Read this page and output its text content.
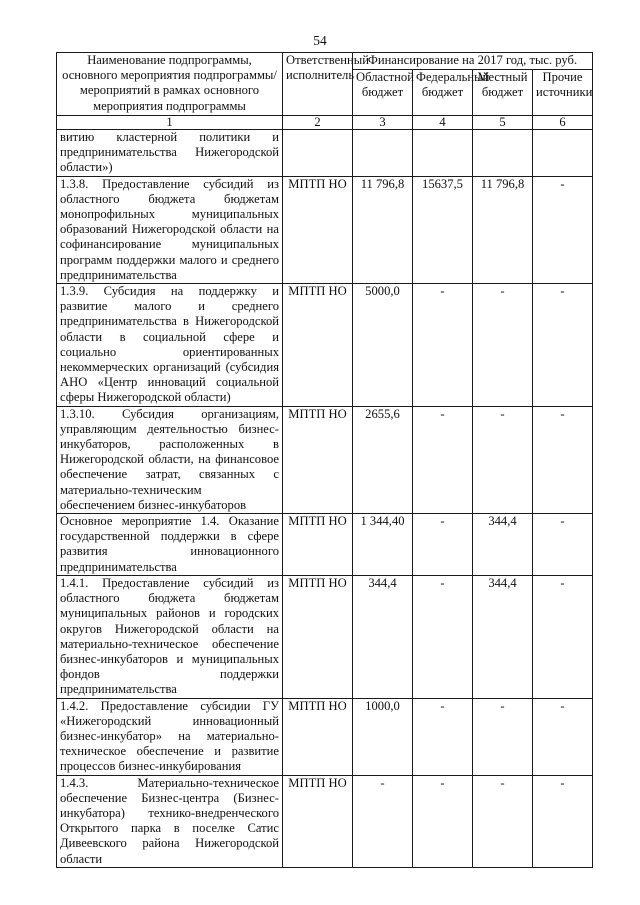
54
Наименование подпрограммы, основного мероприятия подпрограммы/мероприятий в рамках основного мероприятия подпрограммы	Ответственный исполнитель	Финансирование на 2017 год, тыс. руб.			
		Областной бюджет	Федеральный бюджет	Местный бюджет	Прочие источники
1	2	3	4	5	6
витию кластерной политики и предпринимательства Нижегородской области»)					
1.3.8. Предоставление субсидий из областного бюджета бюджетам монопрофильных муниципальных образований Нижегородской области на софинансирование муниципальных программ поддержки малого и среднего предпринимательства	МПТП НО	11 796,8	15637,5	11 796,8	-
1.3.9. Субсидия на поддержку и развитие малого и среднего предпринимательства в Нижегородской области в социальной сфере и социально ориентированных некоммерческих организаций (субсидия АНО «Центр инноваций социальной сферы Нижегородской области)	МПТП НО	5000,0	-	-	-
1.3.10. Субсидия организациям, управляющим деятельностью бизнес-инкубаторов, расположенных в Нижегородской области, на финансовое обеспечение затрат, связанных с материально-техническим обеспечением бизнес-инкубаторов	МПТП НО	2655,6	-	-	-
Основное мероприятие 1.4. Оказание государственной поддержки в сфере развития инновационного предпринимательства	МПТП НО	1 344,40	-	344,4	-
1.4.1. Предоставление субсидий из областного бюджета бюджетам муниципальных районов и городских округов Нижегородской области на материально-техническое обеспечение бизнес-инкубаторов и муниципальных фондов поддержки предпринимательства	МПТП НО	344,4	-	344,4	-
1.4.2. Предоставление субсидии ГУ «Нижегородский инновационный бизнес-инкубатор» на материально-техническое обеспечение и развитие процессов бизнес-инкубирования	МПТП НО	1000,0	-	-	-
1.4.3. Материально-техническое обеспечение Бизнес-центра (Бизнес-инкубатора) технико-внедренческого Открытого парка в поселке Сатис Дивеевского района Нижегородской области	МПТП НО	-	-	-	-
